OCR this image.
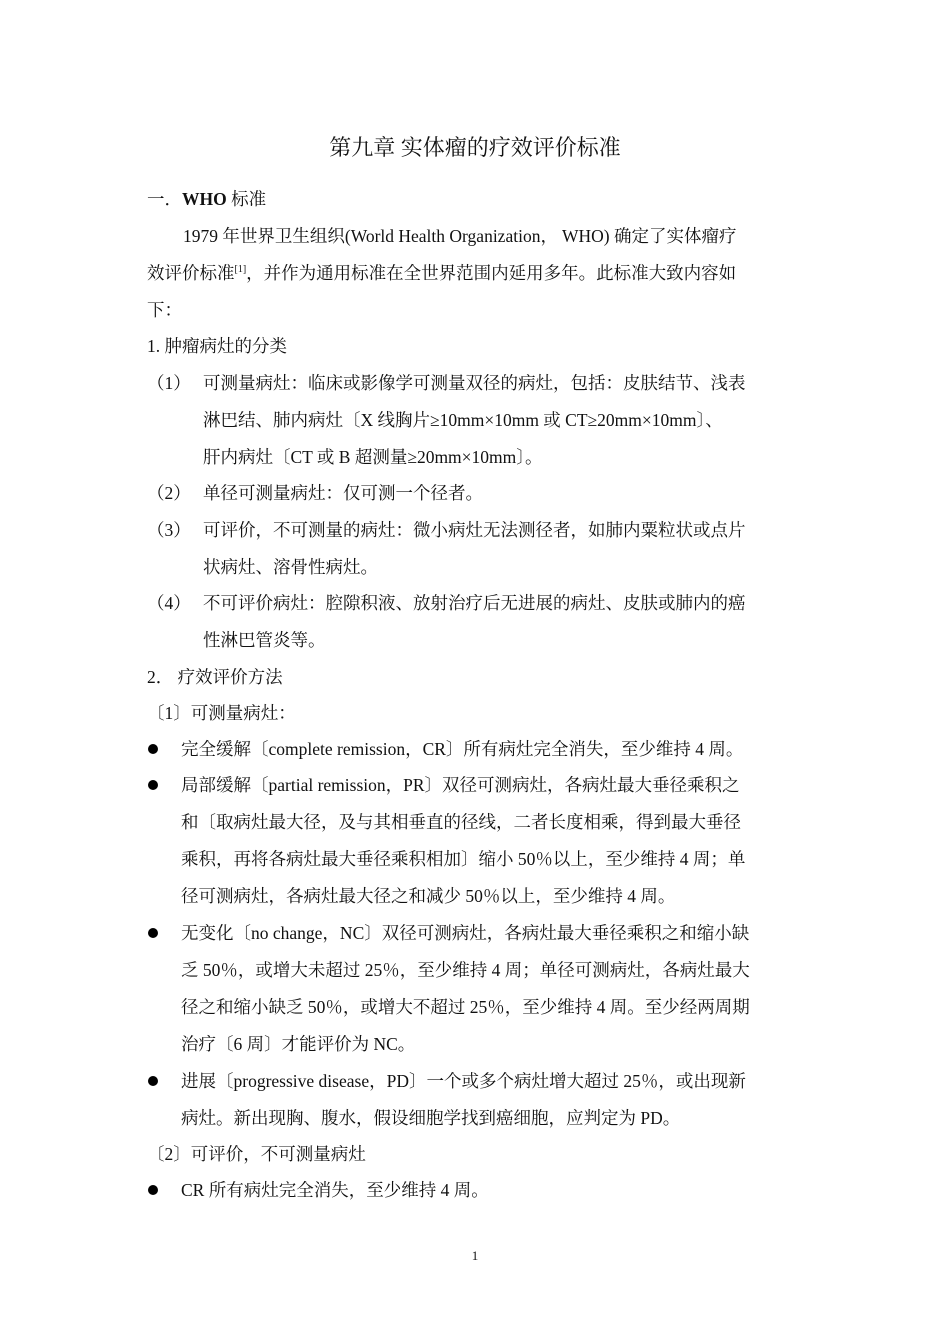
第九章 实体瘤的疗效评价标准
一．WHO 标准
1979 年世界卫生组织(World Health Organization， WHO) 确定了实体瘤疗
效评价标准[1]，并作为通用标准在全世界范围内延用多年。此标准大致内容如
下：
1. 肿瘤病灶的分类
（1） 可测量病灶：临床或影像学可测量双径的病灶，包括：皮肤结节、浅表
淋巴结、肺内病灶〔X 线胸片≥10mm×10mm 或 CT≥20mm×10mm〕、
肝内病灶〔CT 或 B 超测量≥20mm×10mm〕。
（2） 单径可测量病灶：仅可测一个径者。
（3） 可评价，不可测量的病灶：微小病灶无法测径者，如肺内粟粒状或点片
状病灶、溶骨性病灶。
（4） 不可评价病灶：腔隙积液、放射治疗后无进展的病灶、皮肤或肺内的癌
性淋巴管炎等。
2． 疗效评价方法
〔1〕可测量病灶：
完全缓解〔complete remission，CR〕所有病灶完全消失，至少维持 4 周。
局部缓解〔partial remission，PR〕双径可测病灶，各病灶最大垂径乘积之
和〔取病灶最大径，及与其相垂直的径线，二者长度相乘，得到最大垂径
乘积，再将各病灶最大垂径乘积相加〕缩小 50％以上，至少维持 4 周；单
径可测病灶，各病灶最大径之和减少 50％以上，至少维持 4 周。
无变化〔no change，NC〕双径可测病灶，各病灶最大垂径乘积之和缩小缺
乏 50％，或增大未超过 25％，至少维持 4 周；单径可测病灶，各病灶最大
径之和缩小缺乏 50％，或增大不超过 25％，至少维持 4 周。至少经两周期
治疗〔6 周〕才能评价为 NC。
进展〔progressive disease，PD〕一个或多个病灶增大超过 25％，或出现新
病灶。新出现胸、腹水，假设细胞学找到癌细胞，应判定为 PD。
〔2〕可评价，不可测量病灶
CR 所有病灶完全消失，至少维持 4 周。
1
